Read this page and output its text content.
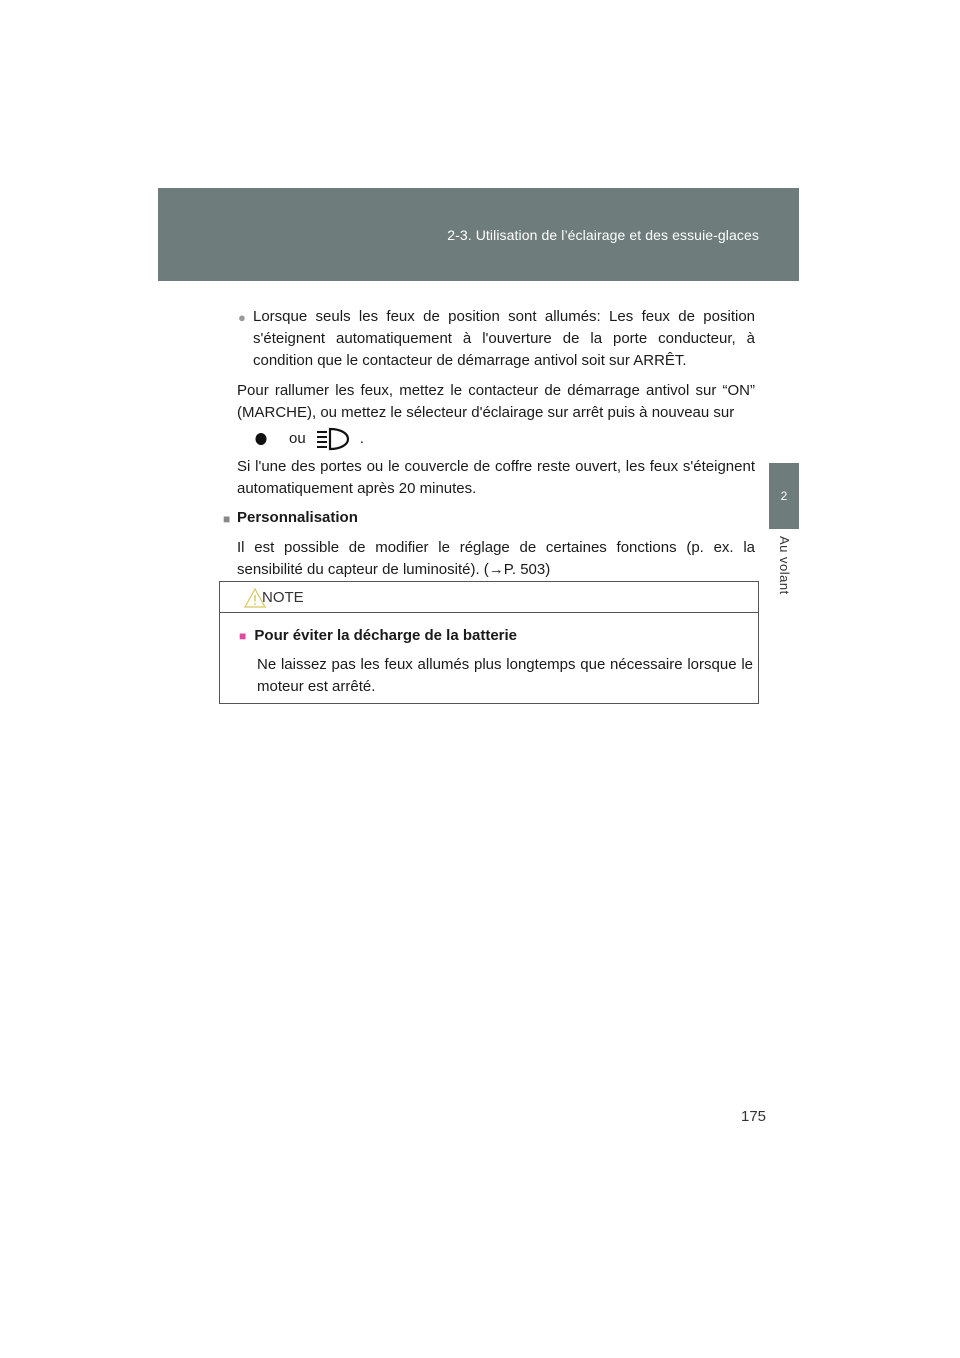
2-3. Utilisation de l’éclairage et des essuie-glaces
2
Au volant

● Lorsque seuls les feux de position sont allumés: Les feux de position s'éteignent automatiquement à l'ouverture de la porte conducteur, à condition que le contacteur de démarrage antivol soit sur ARRÊT.

Pour rallumer les feux, mettez le contacteur de démarrage antivol sur “ON” (MARCHE), ou mettez le sélecteur d'éclairage sur arrêt puis à nouveau sur

ou	.

Si l'une des portes ou le couvercle de coffre reste ouvert, les feux s'éteignent automatiquement après 20 minutes.

■ Personnalisation

Il est possible de modifier le réglage de certaines fonctions (p. ex. la sensibilité du capteur de luminosité). (→P. 503)

NOTE
■ Pour éviter la décharge de la batterie

Ne laissez pas les feux allumés plus longtemps que nécessaire lorsque le moteur est arrêté.

175
